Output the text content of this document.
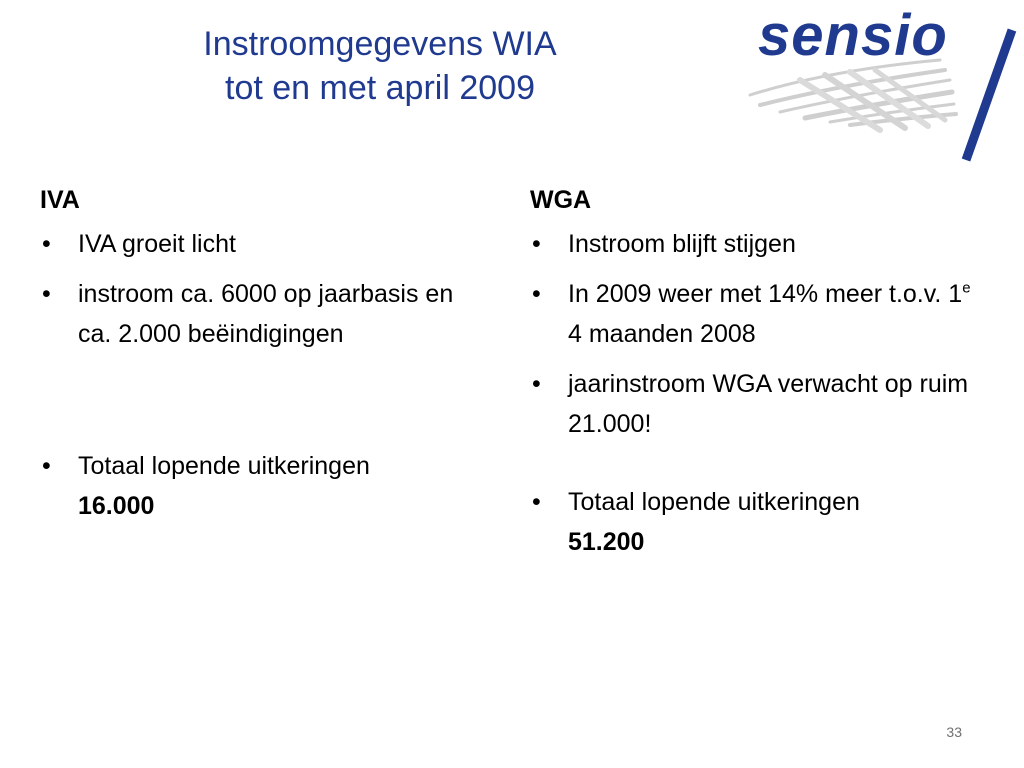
Instroomgegevens WIA
tot en met april 2009
sensio
IVA
• IVA groeit licht
• instroom ca. 6000 op jaarbasis en ca. 2.000 beëindigingen
• Totaal lopende uitkeringen
16.000
WGA
• Instroom blijft stijgen
• In 2009 weer met 14% meer t.o.v. 1e 4 maanden 2008
• jaarinstroom WGA verwacht op ruim 21.000!
• Totaal lopende uitkeringen
51.200
33
